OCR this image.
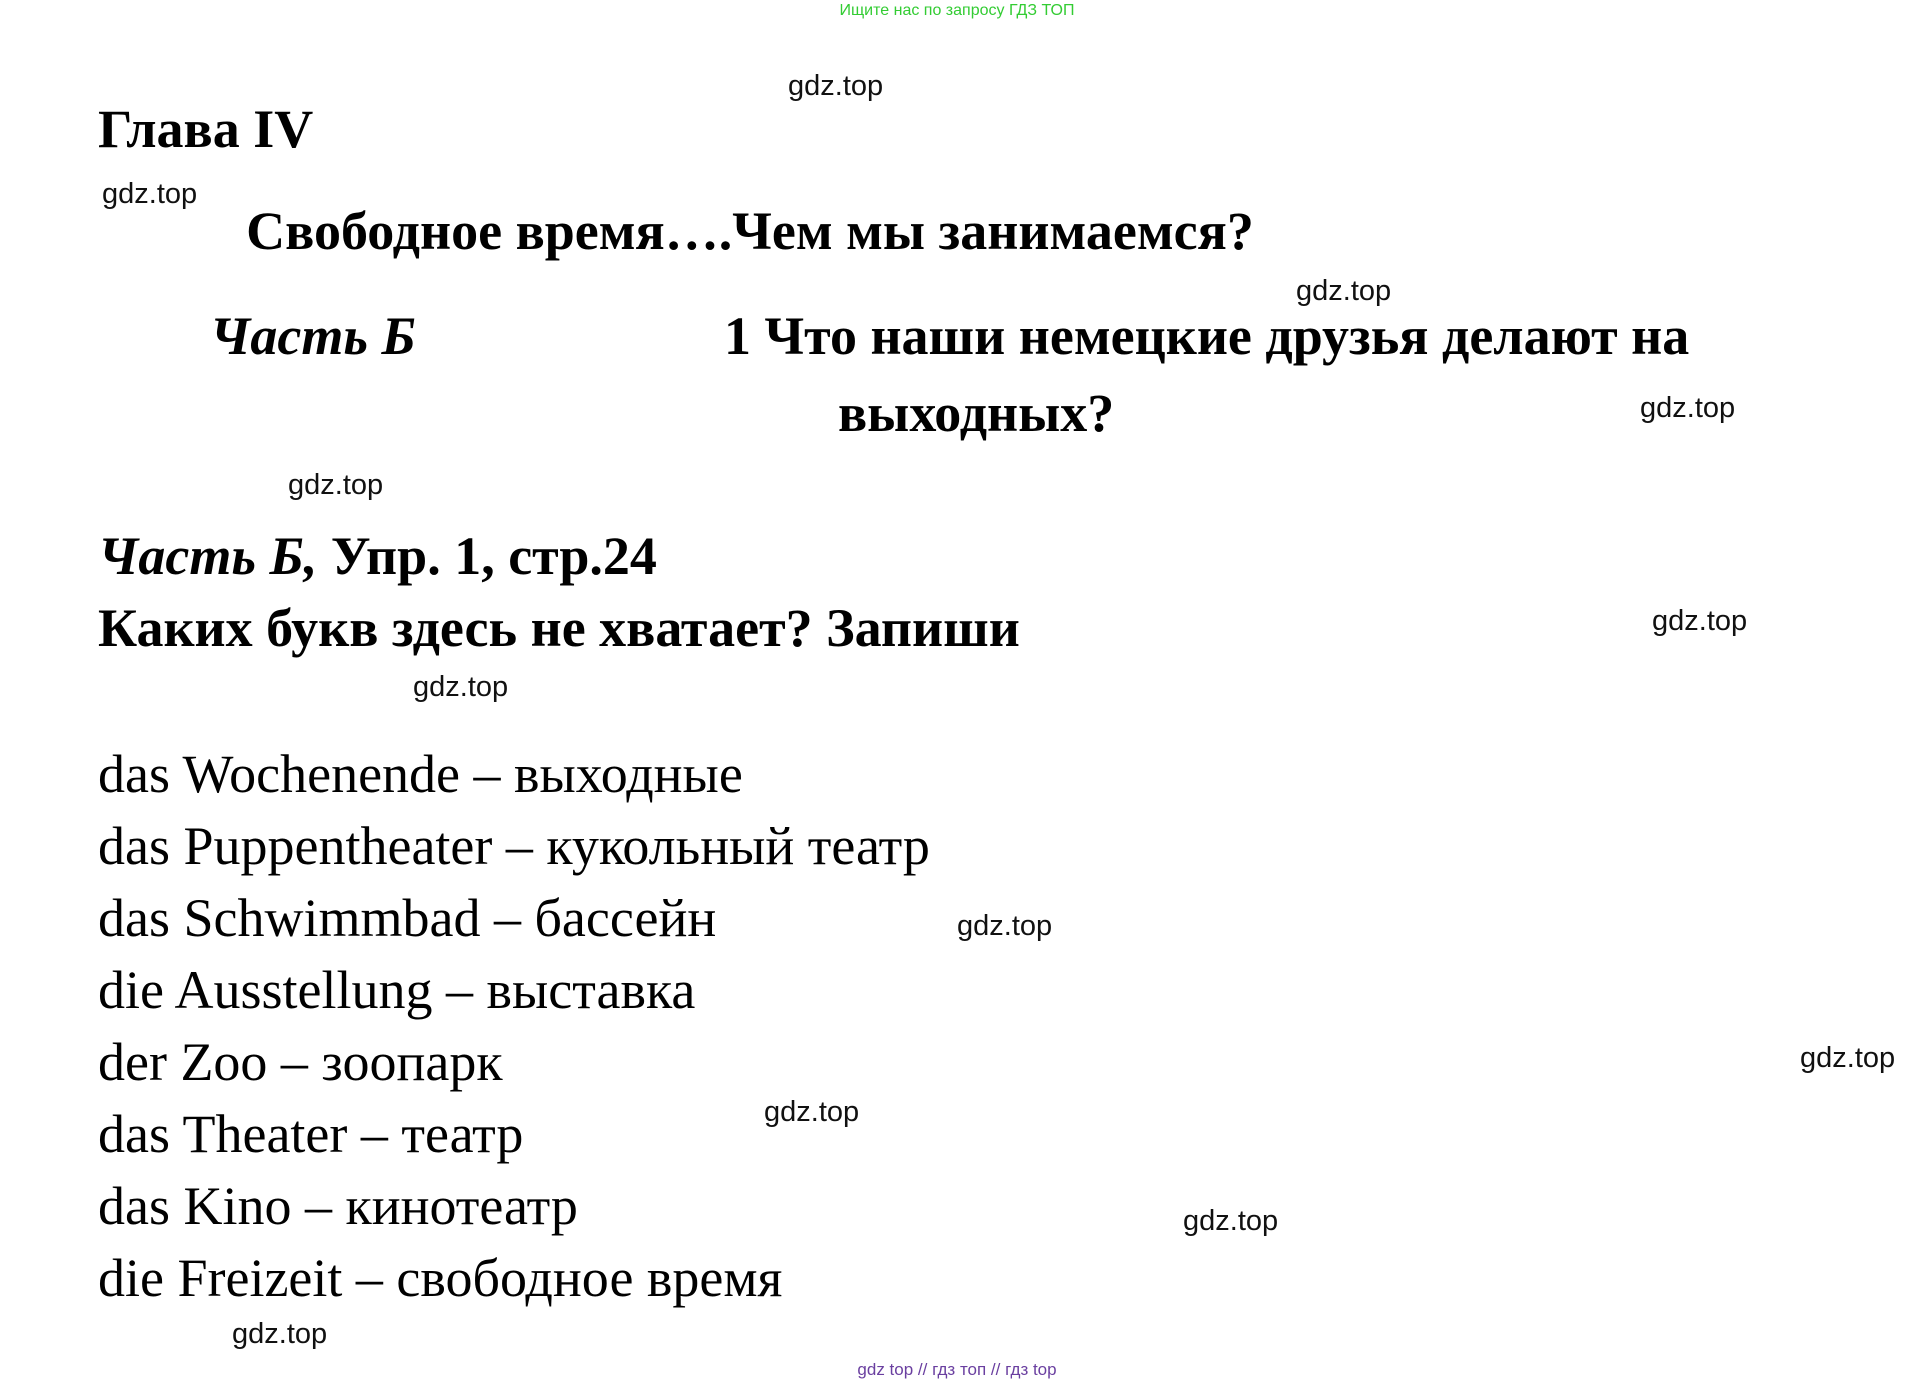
Ищите нас по запросу ГДЗ ТОП
Глава IV
Свободное время….Чем мы занимаемся?
Часть Б	1 Что наши немецкие друзья делают на
выходных?
Часть Б, Упр. 1, стр.24
Каких букв здесь не хватает? Запиши
das Wochenende – выходные
das Puppentheater – кукольный театр
das Schwimmbad – бассейн
die Ausstellung – выставка
der Zoo – зоопарк
das Theater – театр
das Kino – кинотеатр
die Freizeit – свободное время
gdz.top
gdz.top
gdz.top
gdz.top
gdz.top
gdz.top
gdz.top
gdz.top
gdz.top
gdz.top
gdz.top
gdz.top
gdz top // гдз топ // гдз top
